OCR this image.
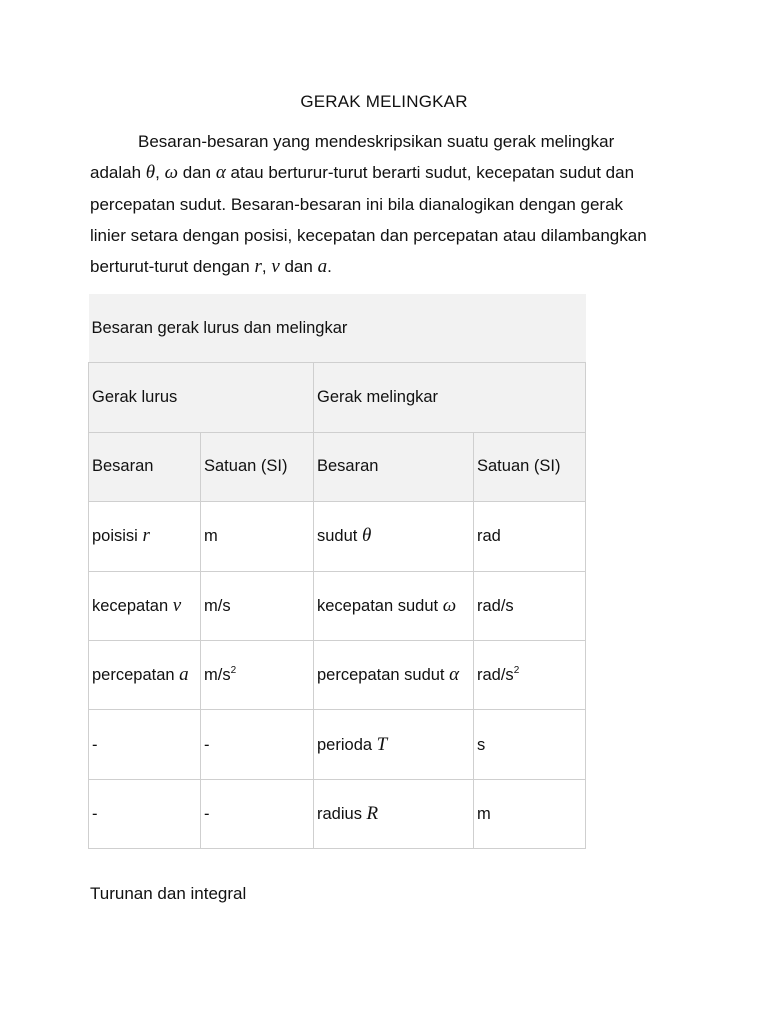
GERAK MELINGKAR
Besaran-besaran yang mendeskripsikan suatu gerak melingkar
adalah θ, ω dan α atau berturur-turut berarti sudut, kecepatan sudut dan
percepatan sudut. Besaran-besaran ini bila dianalogikan dengan gerak
linier setara dengan posisi, kecepatan dan percepatan atau dilambangkan
berturut-turut dengan r, v dan a.
Besaran gerak lurus dan melingkar			
Gerak lurus		Gerak melingkar	
Besaran	Satuan (SI)	Besaran	Satuan (SI)
poisisi r	m	sudut θ	rad
kecepatan v	m/s	kecepatan sudut ω	rad/s
percepatan a	$m/s^2$	percepatan sudut α	rad/$s^2$
-	-	perioda T	s
-	-	radius R	m
Turunan dan integral
